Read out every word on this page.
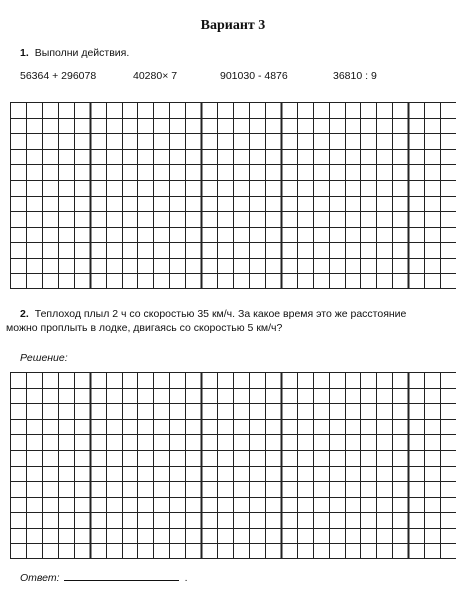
Вариант 3
1. Выполни действия.
56364 + 296078	40280× 7	901030 - 4876	36810 : 9
2. Теплоход плыл 2 ч со скоростью 35 км/ч. За какое время это же расстояние
можно проплыть в лодке, двигаясь со скоростью 5 км/ч?
Решение:
Ответ:	.
